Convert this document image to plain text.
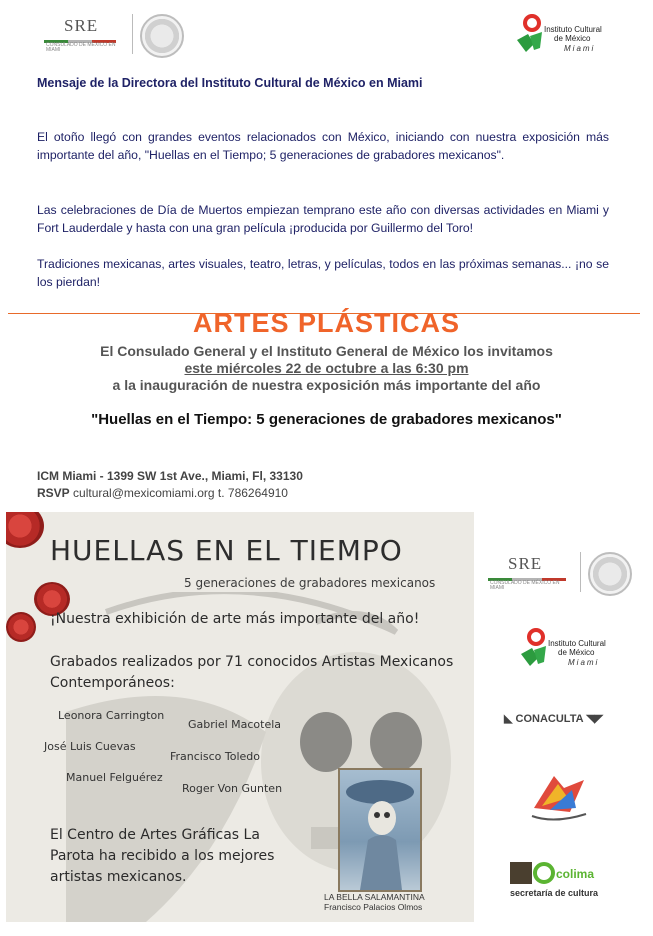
SRE
CONSULADO DE MÉXICO EN MIAMI
Instituto Cultural
de México
Miami
Mensaje de la Directora del Instituto Cultural de México en Miami
El otoño llegó con grandes eventos relacionados con México, iniciando con nuestra exposición más importante del año, "Huellas en el Tiempo; 5 generaciones de grabadores mexicanos".
Las celebraciones de Día de Muertos empiezan temprano este año con diversas actividades en Miami y Fort Lauderdale y hasta con una gran película ¡producida por Guillermo del Toro!
Tradiciones mexicanas, artes visuales, teatro, letras, y películas, todos en las próximas semanas... ¡no se los pierdan!
ARTES PLÁSTICAS
El Consulado General y el Instituto General de México los invitamos
este miércoles 22 de octubre a las 6:30 pm
a la inauguración de nuestra exposición más importante del año
"Huellas en el Tiempo: 5 generaciones de grabadores mexicanos"
ICM Miami - 1399 SW 1st Ave., Miami, Fl, 33130
RSVP cultural@mexicomiami.org t. 786264910
HUELLAS EN EL TIEMPO
5 generaciones de grabadores mexicanos
¡Nuestra exhibición de arte más importante del año!
Grabados realizados por 71 conocidos Artistas Mexicanos Contemporáneos:
Leonora Carrington
Gabriel Macotela
José Luis Cuevas
Francisco Toledo
Manuel Felguérez
Roger Von Gunten
El Centro de Artes Gráficas La Parota ha recibido a los mejores artistas mexicanos.
LA BELLA SALAMANTINA
Francisco Palacios Olmos
SRE
CONSULADO DE MÉXICO EN MIAMI
Instituto Cultural
de México
Miami
◣ CONACULTA ◥◤
colima
secretaría de cultura
